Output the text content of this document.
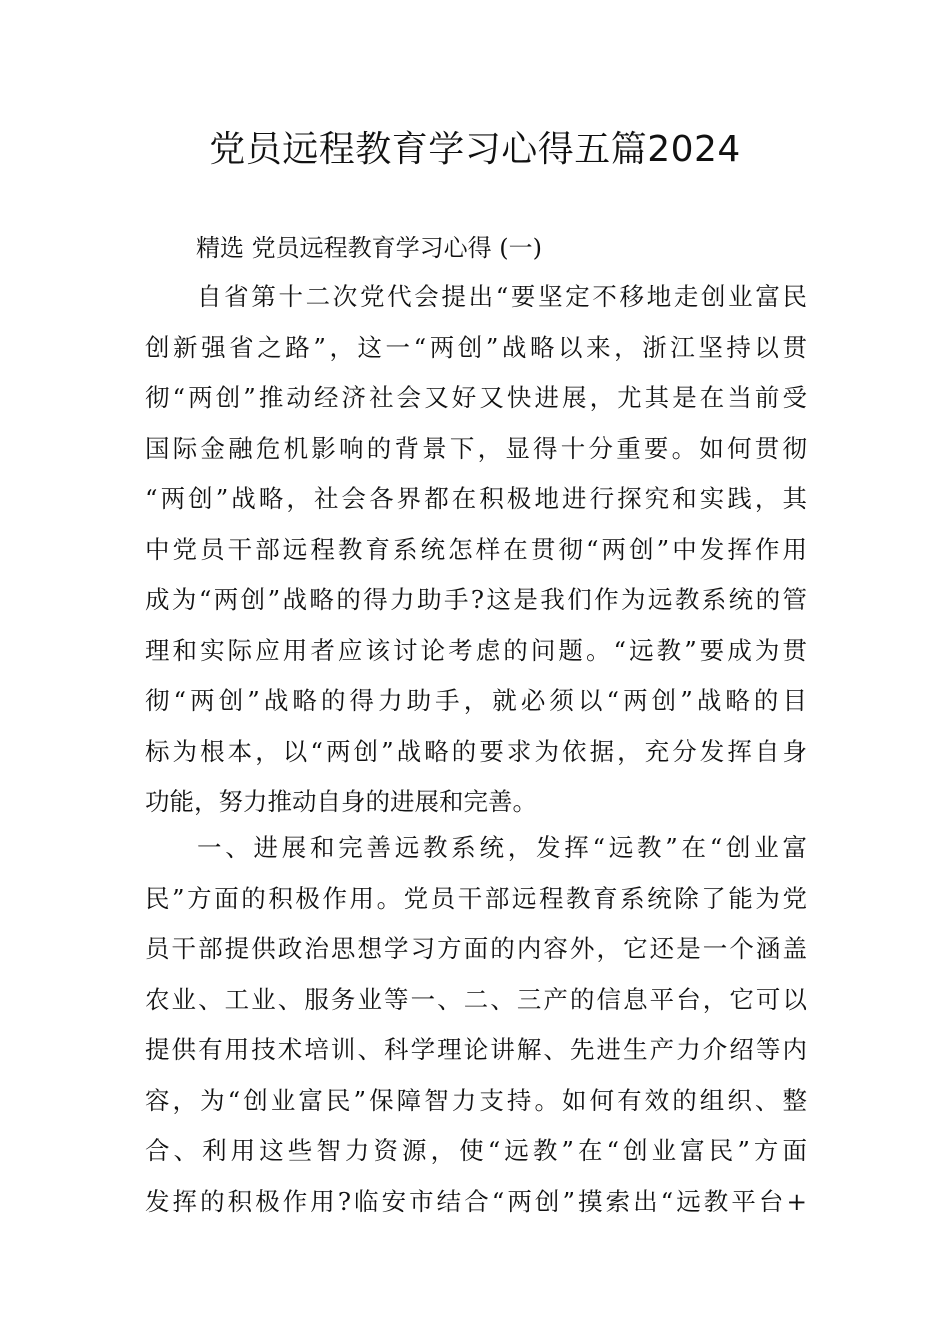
党员远程教育学习心得五篇2024
精选 党员远程教育学习心得 (一)
自省第十二次党代会提出“要坚定不移地走创业富民
创新强省之路”，这一“两创”战略以来，浙江坚持以贯
彻“两创”推动经济社会又好又快进展，尤其是在当前受
国际金融危机影响的背景下，显得十分重要。如何贯彻
“两创”战略，社会各界都在积极地进行探究和实践，其
中党员干部远程教育系统怎样在贯彻“两创”中发挥作用
成为“两创”战略的得力助手?这是我们作为远教系统的管
理和实际应用者应该讨论考虑的问题。“远教”要成为贯
彻“两创”战略的得力助手，就必须以“两创”战略的目
标为根本，以“两创”战略的要求为依据，充分发挥自身
功能，努力推动自身的进展和完善。
一、进展和完善远教系统，发挥“远教”在“创业富
民”方面的积极作用。党员干部远程教育系统除了能为党
员干部提供政治思想学习方面的内容外，它还是一个涵盖
农业、工业、服务业等一、二、三产的信息平台，它可以
提供有用技术培训、科学理论讲解、先进生产力介绍等内
容，为“创业富民”保障智力支持。如何有效的组织、整
合、利用这些智力资源，使“远教”在“创业富民”方面
发挥的积极作用?临安市结合“两创”摸索出“远教平台+
